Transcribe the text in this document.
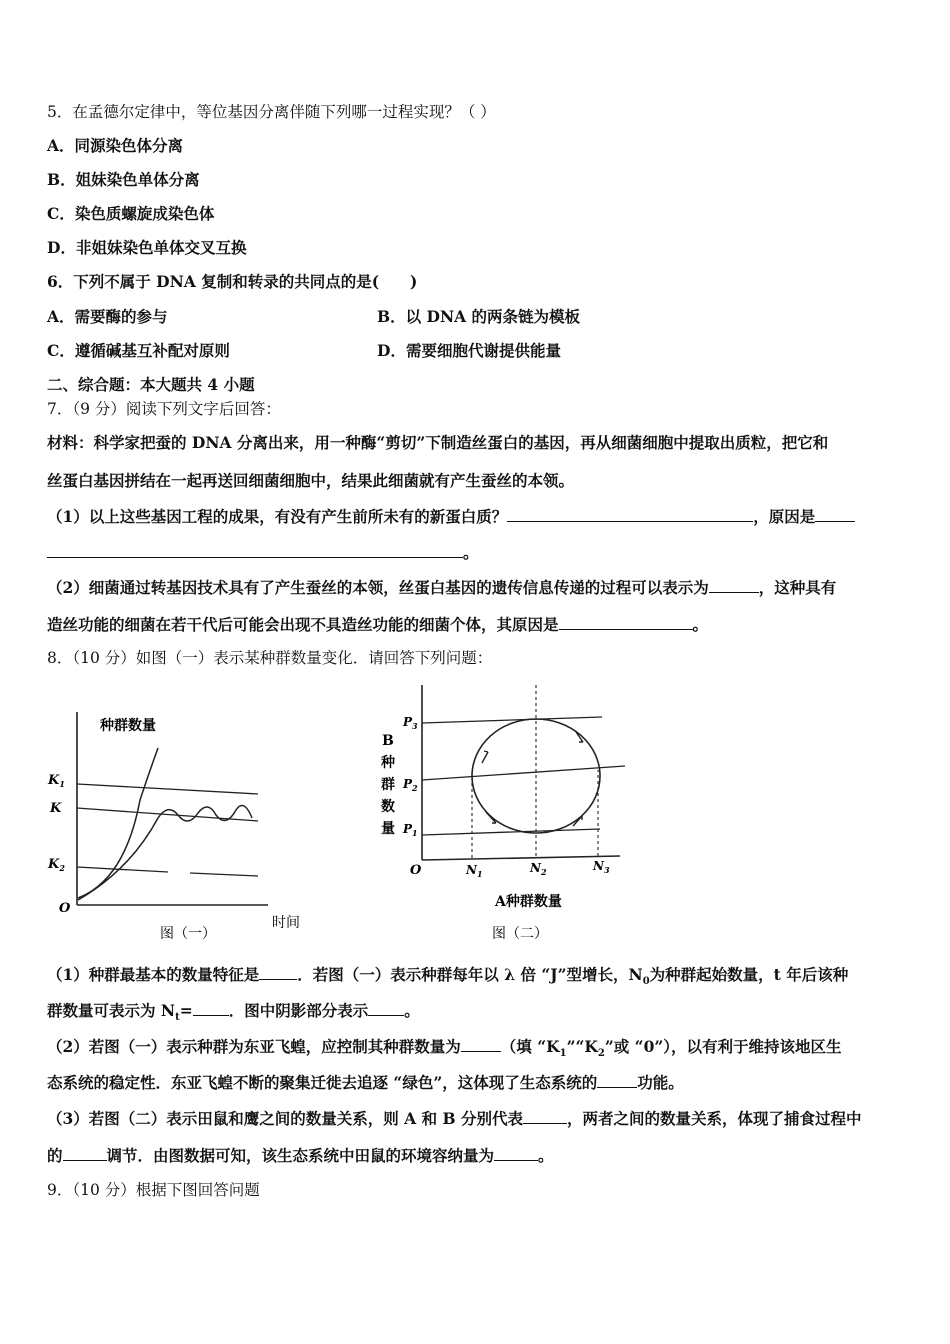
5．在孟德尔定律中，等位基因分离伴随下列哪一过程实现？（ ）
A．同源染色体分离
B．姐妹染色单体分离
C．染色质螺旋成染色体
D．非姐妹染色单体交叉互换
6．下列不属于 DNA 复制和转录的共同点的是(　　)
A．需要酶的参与	B．以 DNA 的两条链为模板
C．遵循碱基互补配对原则	D．需要细胞代谢提供能量
二、综合题：本大题共 4 小题
7．（9 分）阅读下列文字后回答：
材料：科学家把蚕的 DNA 分离出来，用一种酶“剪切”下制造丝蛋白的基因，再从细菌细胞中提取出质粒，把它和
丝蛋白基因拼结在一起再送回细菌细胞中，结果此细菌就有产生蚕丝的本领。
（1）以上这些基因工程的成果，有没有产生前所未有的新蛋白质？	，原因是
。
（2）细菌通过转基因技术具有了产生蚕丝的本领，丝蛋白基因的遗传信息传递的过程可以表示为	，这种具有
造丝功能的细菌在若干代后可能会出现不具造丝功能的细菌个体，其原因是	。
8．（10 分）如图（一）表示某种群数量变化．请回答下列问题：
种群数量
$K_1$
K
$K_2$
O
时间
图（一）
B
种
群
数
量
$P_3$
$P_2$
$P_1$
O	$N_1$	$N_2$	$N_3$
A种群数量
图（二）
（1）种群最基本的数量特征是 ．若图（一）表示种群每年以 λ 倍 “J”型增长，$N_0$为种群起始数量，t 年后该种
群数量可表示为 $N_t=$ ．图中阴影部分表示 。
（2）若图（一）表示种群为东亚飞蝗，应控制其种群数量为	（填 “$K_1”“K_2$”或 “0”），以有利于维持该地区生
态系统的稳定性．东亚飞蝗不断的聚集迁徙去追逐 “绿色”，这体现了生态系统的	功能。
（3）若图（二）表示田鼠和鹰之间的数量关系，则 A 和 B 分别代表	，两者之间的数量关系，体现了捕食过程中
的	调节．由图数据可知，该生态系统中田鼠的环境容纳量为	。
9．（10 分）根据下图回答问题
